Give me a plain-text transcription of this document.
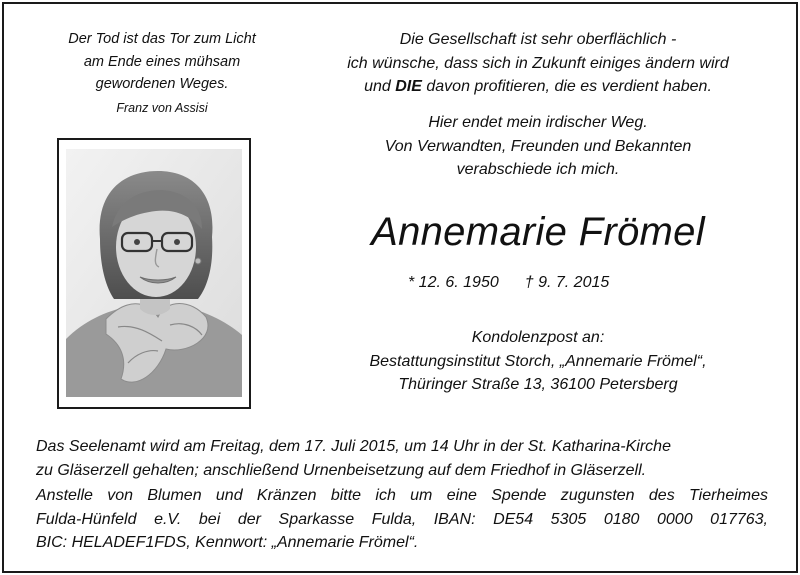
Der Tod ist das Tor zum Licht
am Ende eines mühsam
gewordenen Weges.
Franz von Assisi
Die Gesellschaft ist sehr oberflächlich -
ich wünsche, dass sich in Zukunft einiges ändern wird
und DIE davon profitieren, die es verdient haben.
Hier endet mein irdischer Weg.
Von Verwandten, Freunden und Bekannten
verabschiede ich mich.
Annemarie Frömel
* 12. 6. 1950 † 9. 7. 2015
Kondolenzpost an:
Bestattungsinstitut Storch, „Annemarie Frömel“,
Thüringer Straße 13, 36100 Petersberg

Das Seelenamt wird am Freitag, dem 17. Juli 2015, um 14 Uhr in der St. Katharina-Kirche
zu Gläserzell gehalten; anschließend Urnenbeisetzung auf dem Friedhof in Gläserzell.

Anstelle von Blumen und Kränzen bitte ich um eine Spende zugunsten des Tierheimes
Fulda-Hünfeld e.V. bei der Sparkasse Fulda, IBAN: DE54 5305 0180 0000 017763,
BIC: HELADEF1FDS, Kennwort: „Annemarie Frömel“.
